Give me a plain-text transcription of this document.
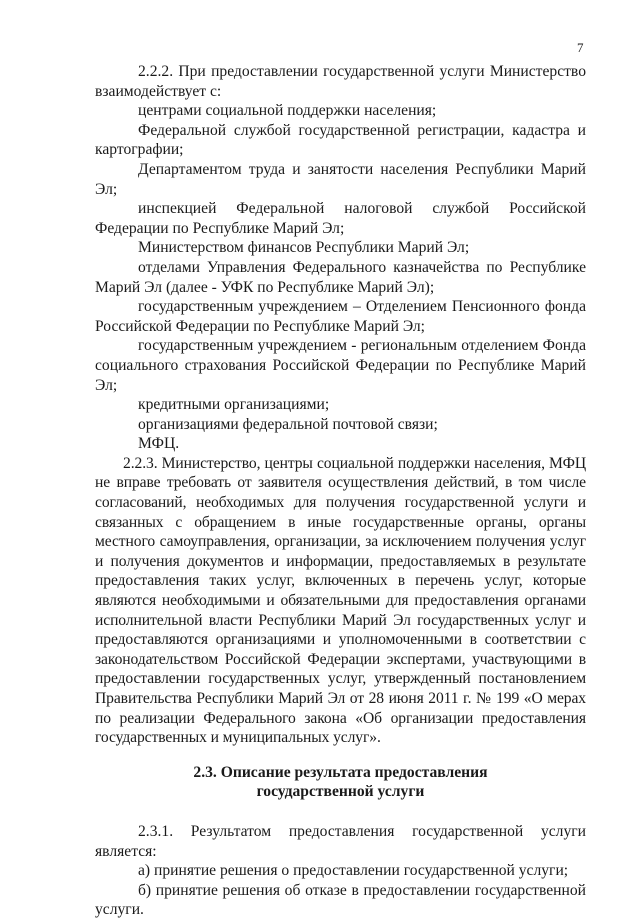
7

2.2.2. При предоставлении государственной услуги Министерство взаимодействует с:

центрами социальной поддержки населения;

Федеральной службой государственной регистрации, кадастра и картографии;

Департаментом труда и занятости населения Республики Марий Эл;

инспекцией Федеральной налоговой службой Российской Федерации по Республике Марий Эл;

Министерством финансов Республики Марий Эл;

отделами Управления Федерального казначейства по Республике Марий Эл (далее - УФК по Республике Марий Эл);

государственным учреждением – Отделением Пенсионного фонда Российской Федерации по Республике Марий Эл;

государственным учреждением - региональным отделением Фонда социального страхования Российской Федерации по Республике Марий Эл;

кредитными организациями;

организациями федеральной почтовой связи;

МФЦ.

2.2.3. Министерство, центры социальной поддержки населения, МФЦ не вправе требовать от заявителя осуществления действий, в том числе согласований, необходимых для получения государственной услуги и связанных с обращением в иные государственные органы, органы местного самоуправления, организации, за исключением получения услуг и получения документов и информации, предоставляемых в результате предоставления таких услуг, включенных в перечень услуг, которые являются необходимыми и обязательными для предоставления органами исполнительной власти Республики Марий Эл государственных услуг и предоставляются организациями и уполномоченными в соответствии с законодательством Российской Федерации экспертами, участвующими в предоставлении государственных услуг, утвержденный постановлением Правительства Республики Марий Эл от 28 июня 2011 г. № 199 «О мерах по реализации Федерального закона «Об организации предоставления государственных и муниципальных услуг».

2.3. Описание результата предоставления
государственной услуги

2.3.1. Результатом предоставления государственной услуги является:

а) принятие решения о предоставлении государственной услуги;

б) принятие решения об отказе в предоставлении государственной услуги.
